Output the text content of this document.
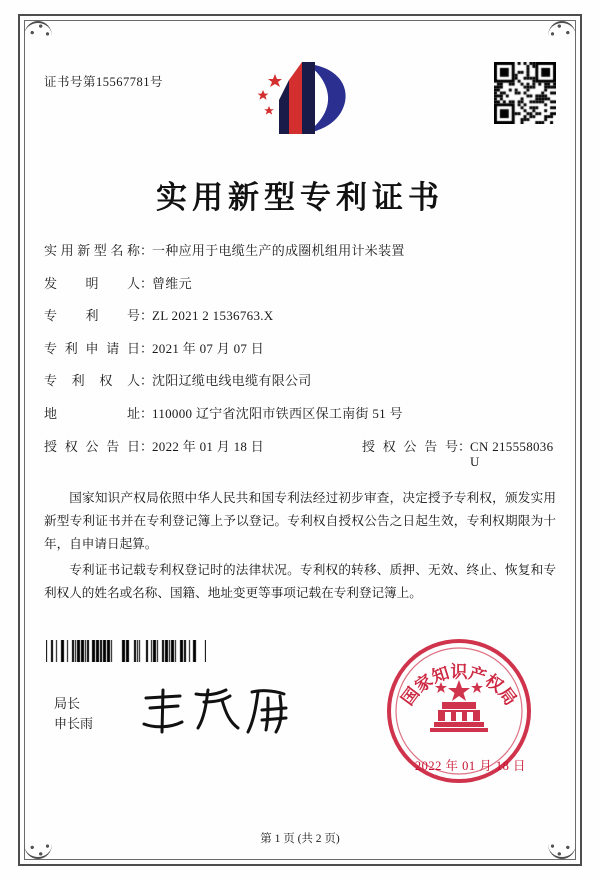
证书号第15567781号
实用新型专利证书
实用新型名称 ：
一种应用于电缆生产的成圈机组用计米装置
发明人 ：
曾维元
专利号 ：
ZL 2021 2 1536763.X
专利申请日 ：
2021 年 07 月 07 日
专利权人 ：
沈阳辽缆电线电缆有限公司
地址 ：
110000 辽宁省沈阳市铁西区保工南街 51 号
授权公告日 ：
2022 年 01 月 18 日	授权公告号 ：
CN 215558036 U

国家知识产权局依照中华人民共和国专利法经过初步审查，决定授予专利权，颁发实用新型专利证书并在专利登记簿上予以登记。专利权自授权公告之日起生效，专利权期限为十年，自申请日起算。

专利证书记载专利权登记时的法律状况。专利权的转移、质押、无效、终止、恢复和专利权人的姓名或名称、国籍、地址变更等事项记载在专利登记簿上。

局长
申长雨
国家知识产权局
2022 年 01 月 18 日
第 1 页 (共 2 页)
